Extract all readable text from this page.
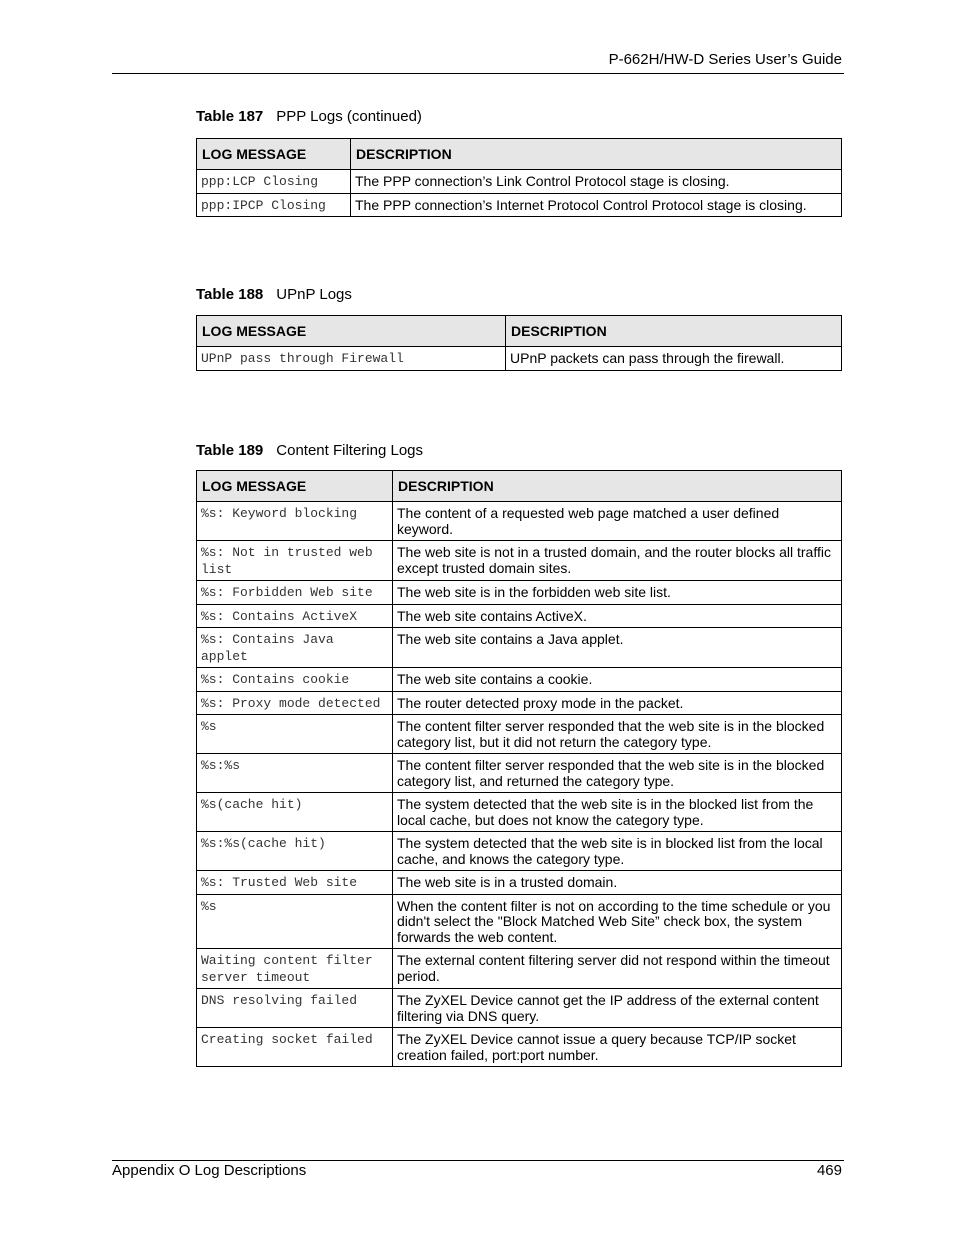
P-662H/HW-D Series User’s Guide
Table 187 PPP Logs (continued)
LOG MESSAGE	DESCRIPTION
ppp:LCP Closing	The PPP connection’s Link Control Protocol stage is closing.
ppp:IPCP Closing	The PPP connection’s Internet Protocol Control Protocol stage is closing.
Table 188 UPnP Logs
LOG MESSAGE	DESCRIPTION
UPnP pass through Firewall	UPnP packets can pass through the firewall.
Table 189 Content Filtering Logs
LOG MESSAGE	DESCRIPTION
%s: Keyword blocking	The content of a requested web page matched a user defined keyword.
%s: Not in trusted web list	The web site is not in a trusted domain, and the router blocks all traffic except trusted domain sites.
%s: Forbidden Web site	The web site is in the forbidden web site list.
%s: Contains ActiveX	The web site contains ActiveX.
%s: Contains Java applet	The web site contains a Java applet.
%s: Contains cookie	The web site contains a cookie.
%s: Proxy mode detected	The router detected proxy mode in the packet.
%s	The content filter server responded that the web site is in the blocked category list, but it did not return the category type.
%s:%s	The content filter server responded that the web site is in the blocked category list, and returned the category type.
%s(cache hit)	The system detected that the web site is in the blocked list from the local cache, but does not know the category type.
%s:%s(cache hit)	The system detected that the web site is in blocked list from the local cache, and knows the category type.
%s: Trusted Web site	The web site is in a trusted domain.
%s	When the content filter is not on according to the time schedule or you didn't select the "Block Matched Web Site” check box, the system forwards the web content.
Waiting content filter server timeout	The external content filtering server did not respond within the timeout period.
DNS resolving failed	The ZyXEL Device cannot get the IP address of the external content filtering via DNS query.
Creating socket failed	The ZyXEL Device cannot issue a query because TCP/IP socket creation failed, port:port number.
Appendix O Log Descriptions	469
